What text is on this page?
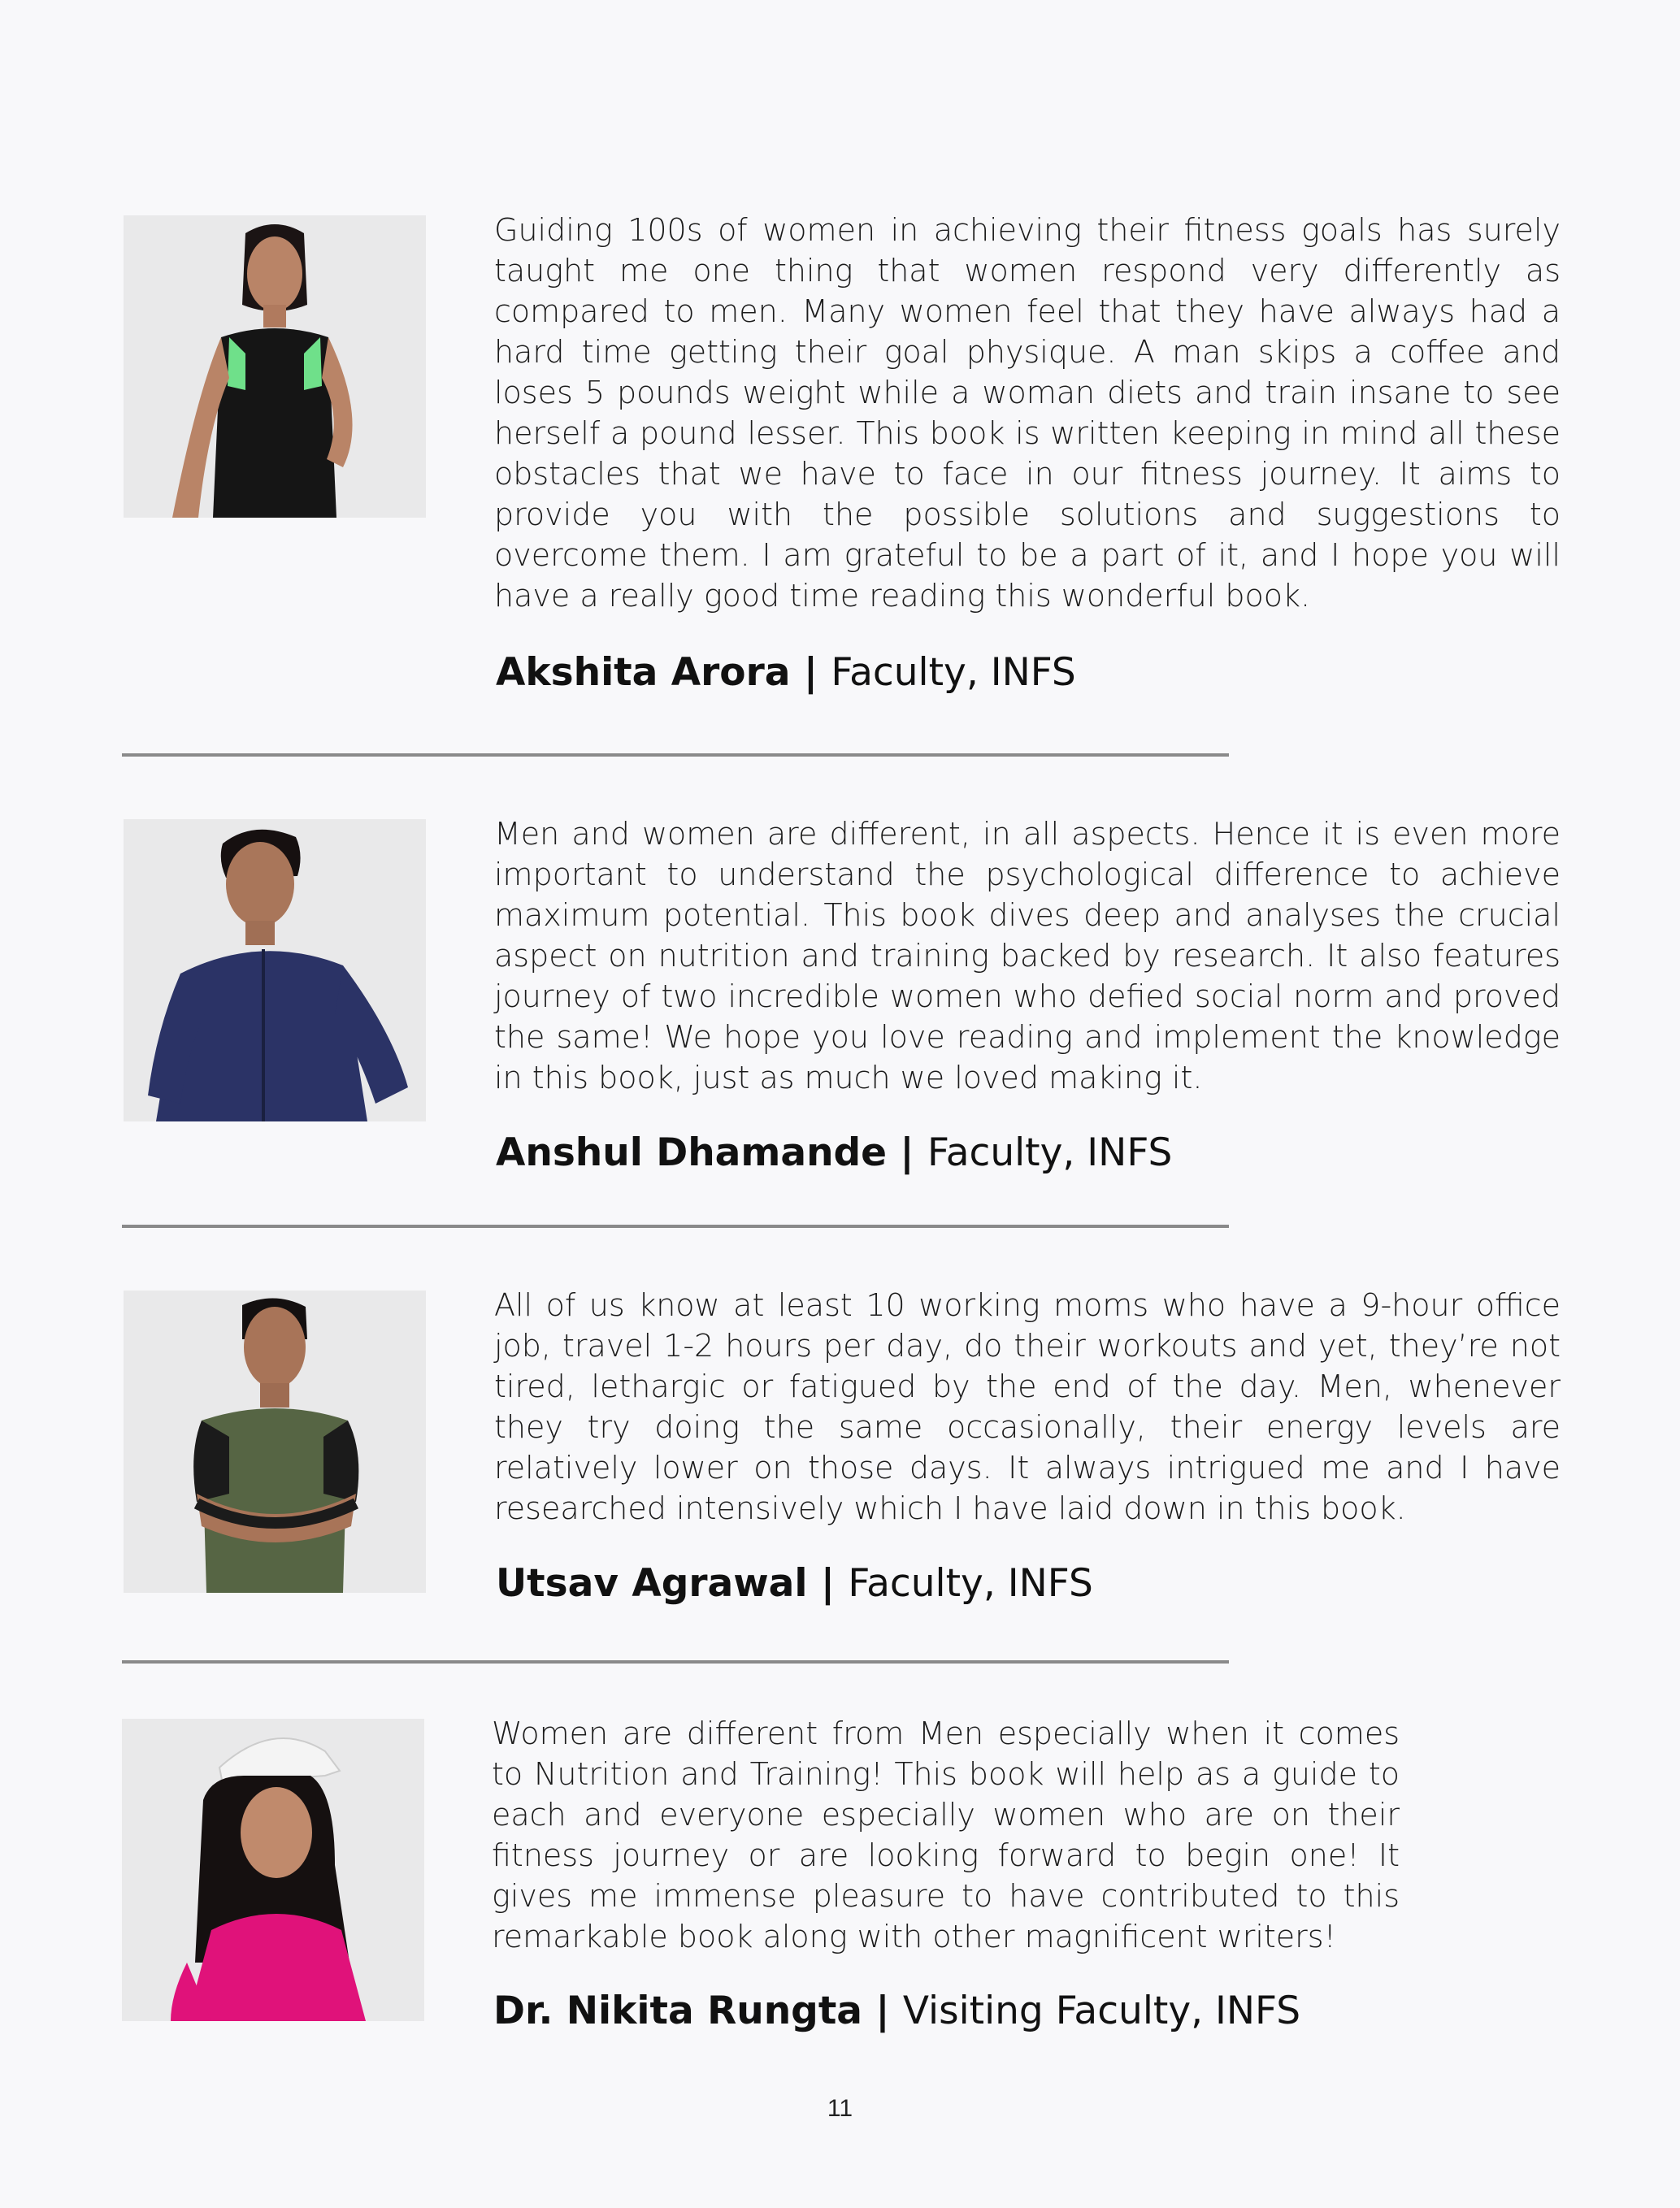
Guiding 100s of women in achieving their fitness goals has surely taught me one thing that women respond very differently as compared to men. Many women feel that they have always had a hard time getting their goal physique. A man skips a coffee and loses 5 pounds weight while a woman diets and train insane to see herself a pound lesser. This book is written keeping in mind all these obstacles that we have to face in our fitness journey. It aims to provide you with the possible solutions and suggestions to overcome them. I am grateful to be a part of it, and I hope you will have a really good time reading this wonderful book.

Akshita Arora | Faculty, INFS

Men and women are different, in all aspects. Hence it is even more important to understand the psychological difference to achieve maximum potential. This book dives deep and analyses the crucial aspect on nutrition and training backed by research. It also features journey of two incredible women who defied social norm and proved the same! We hope you love reading and implement the knowledge in this book, just as much we loved making it.

Anshul Dhamande | Faculty, INFS

All of us know at least 10 working moms who have a 9-hour office job, travel 1-2 hours per day, do their workouts and yet, they’re not tired, lethargic or fatigued by the end of the day. Men, whenever they try doing the same occasionally, their energy levels are relatively lower on those days. It always intrigued me and I have researched intensively which I have laid down in this book.

Utsav Agrawal | Faculty, INFS

Women are different from Men especially when it comes to Nutrition and Training! This book will help as a guide to each and everyone especially women who are on their fitness journey or are looking forward to begin one! It gives me immense pleasure to have contributed to this remarkable book along with other magnificent writers!

Dr. Nikita Rungta | Visiting Faculty, INFS
11
